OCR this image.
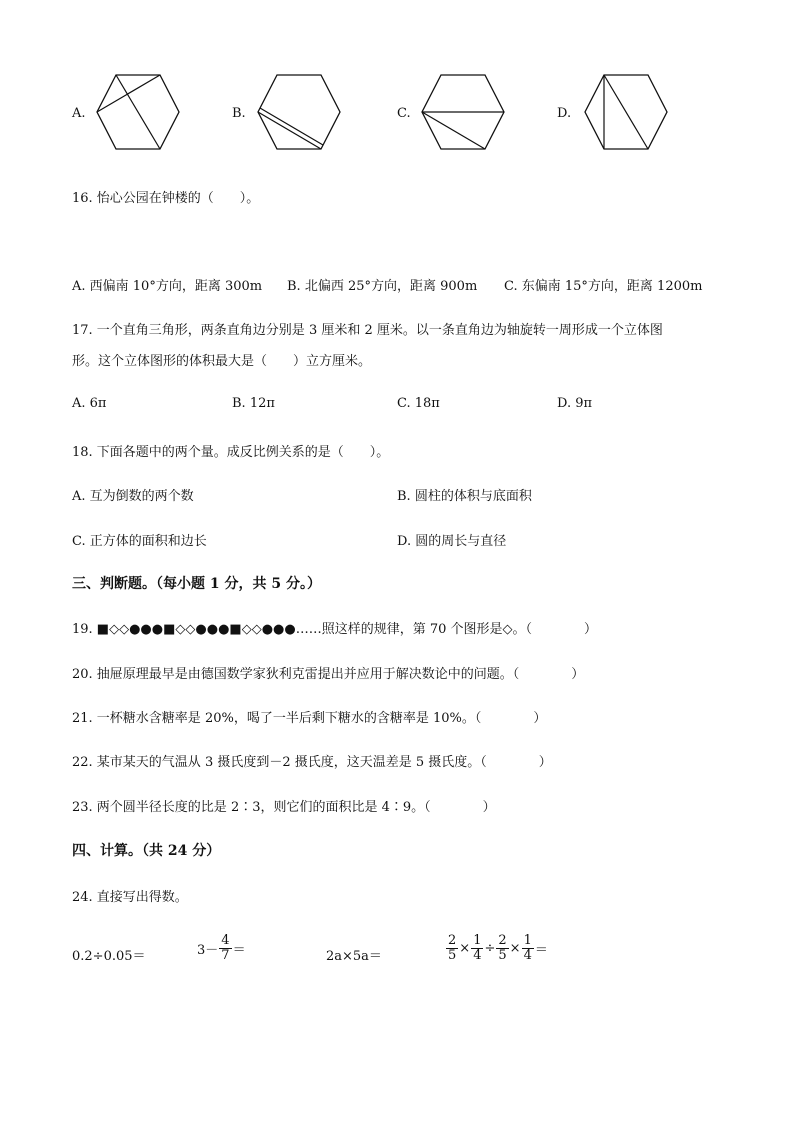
A.	B.	C.	D.
16. 怡心公园在钟楼的（　　）。
A. 西偏南 10°方向，距离 300m B. 北偏西 25°方向，距离 900m C. 东偏南 15°方向，距离 1200m
17. 一个直角三角形，两条直角边分别是 3 厘米和 2 厘米。以一条直角边为轴旋转一周形成一个立体图
形。这个立体图形的体积最大是（　　）立方厘米。
A. 6π	B. 12π	C. 18π	D. 9π
18. 下面各题中的两个量。成反比例关系的是（　　）。
A. 互为倒数的两个数	B. 圆柱的体积与底面积
C. 正方体的面积和边长	D. 圆的周长与直径
三、判断题。（每小题 1 分，共 5 分。）
19. ■◇◇●●●■◇◇●●●■◇◇●●●……照这样的规律，第 70 个图形是◇。（　　　　）
20. 抽屉原理最早是由德国数学家狄利克雷提出并应用于解决数论中的问题。（　　　　）
21. 一杯糖水含糖率是 20%，喝了一半后剩下糖水的含糖率是 10%。（　　　　）
22. 某市某天的气温从 3 摄氏度到－2 摄氏度，这天温差是 5 摄氏度。（　　　　）
23. 两个圆半径长度的比是 2∶3，则它们的面积比是 4∶9。（　　　　）
四、计算。（共 24 分）
24. 直接写出得数。
0.2÷0.05＝	$3- \frac{4}{7}$ ＝	2a×5a＝	$\frac{2}{5} \times \frac{1}{4} \div \frac{2}{5} \times \frac{1}{4}$ ＝
